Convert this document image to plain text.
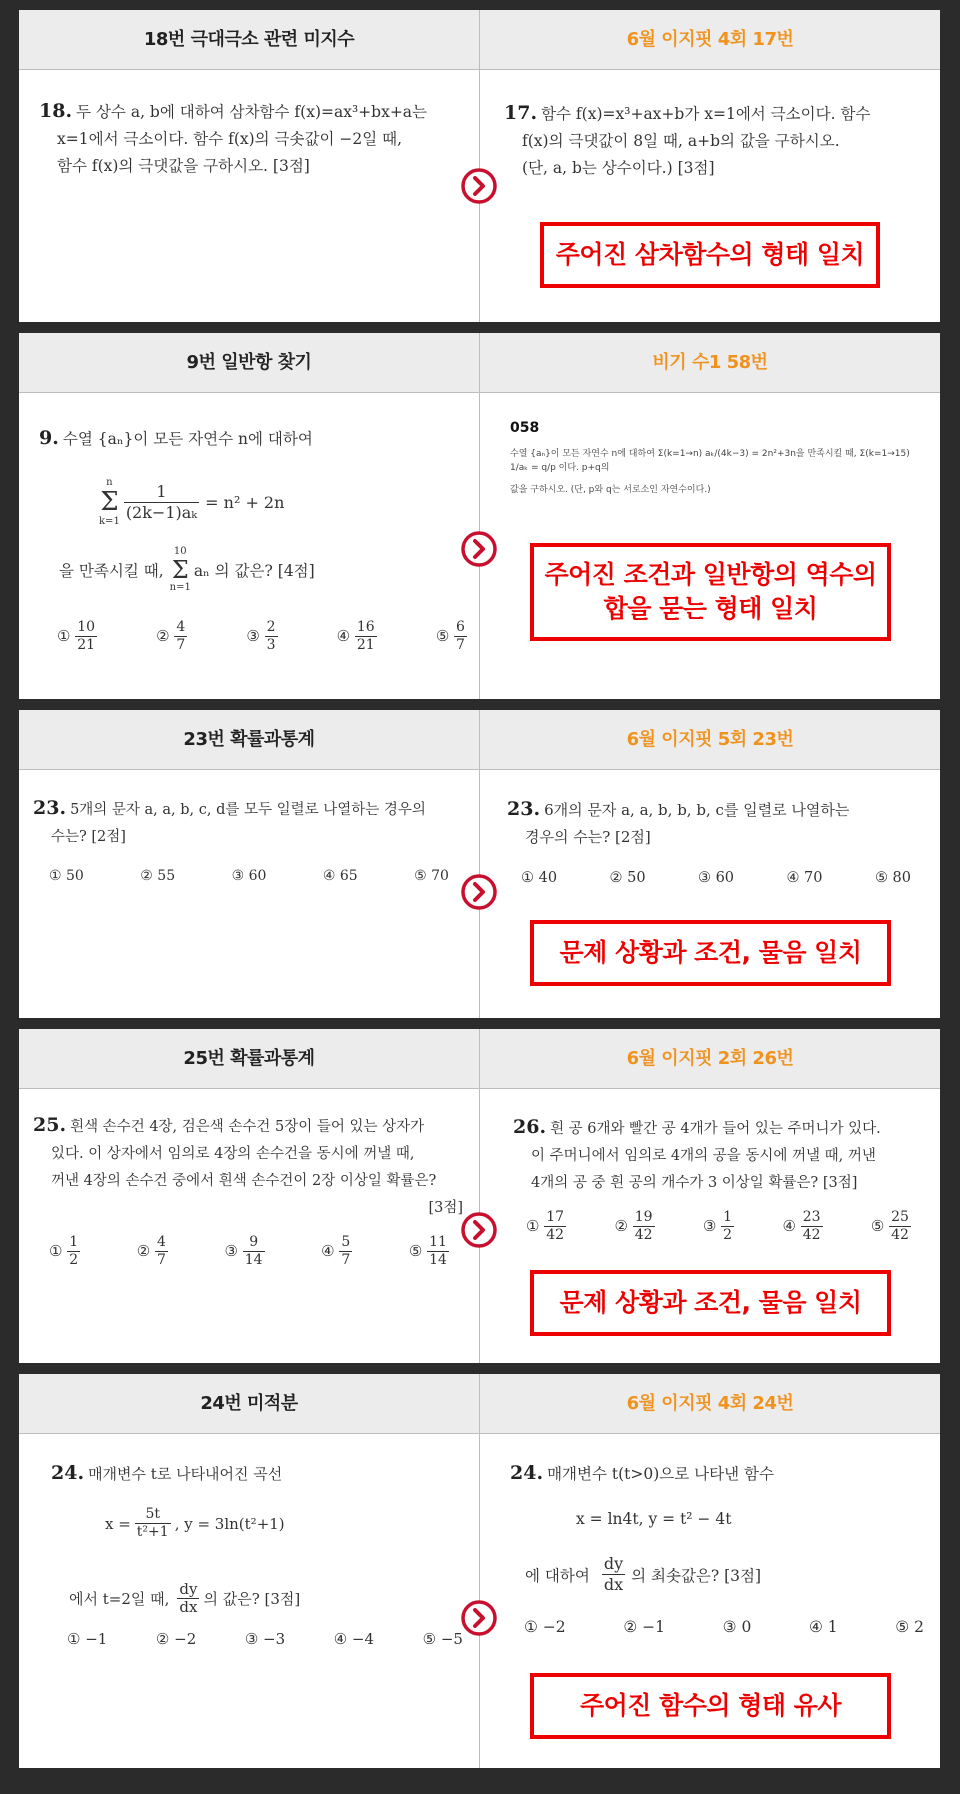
18번 극대극소 관련 미지수	6월 이지핏 4회 17번
18. 두 상수 a, b에 대하여 삼차함수 f(x)=ax³+bx+a는
x=1에서 극소이다. 함수 f(x)의 극솟값이 −2일 때,
함수 f(x)의 극댓값을 구하시오. [3점]
17. 함수 f(x)=x³+ax+b가 x=1에서 극소이다. 함수
f(x)의 극댓값이 8일 때, a+b의 값을 구하시오.
(단, a, b는 상수이다.) [3점]
주어진 삼차함수의 형태 일치
9번 일반항 찾기	비기 수1 58번
9. 수열 {aₙ}이 모든 자연수 n에 대하여
n
Σ
$k=1 \frac{1}{\text{(2k−1)aₖ}} = n^2 + 2n$
을 만족시킬 때,
10
Σ
n=1
aₙ 의 값은? [4점]
① $\frac{10}{21}$	② $\frac{4}{7}$	③ $\frac{2}{3}$	④ $\frac{16}{21}$	⑤ $\frac{6}{7}$
058
수열 {aₙ}이 모든 자연수 n에 대하여 Σ(k=1→n) aₖ/(4k−3) = 2n²+3n을 만족시킬 때, Σ(k=1→15) 1/aₖ = q/p 이다. p+q의
값을 구하시오. (단, p와 q는 서로소인 자연수이다.)
주어진 조건과 일반항의 역수의
합을 묻는 형태 일치
23번 확률과통계	6월 이지핏 5회 23번
23. 5개의 문자 a, a, b, c, d를 모두 일렬로 나열하는 경우의
수는? [2점]
① 50	② 55	③ 60	④ 65	⑤ 70
23. 6개의 문자 a, a, b, b, b, c를 일렬로 나열하는
경우의 수는? [2점]
① 40	② 50	③ 60	④ 70	⑤ 80
문제 상황과 조건, 물음 일치
25번 확률과통계	6월 이지핏 2회 26번
25. 흰색 손수건 4장, 검은색 손수건 5장이 들어 있는 상자가
있다. 이 상자에서 임의로 4장의 손수건을 동시에 꺼낼 때,
꺼낸 4장의 손수건 중에서 흰색 손수건이 2장 이상일 확률은?
[3점]
① $\frac{1}{2}$	② $\frac{4}{7}$	③ $\frac{9}{14}$	④ $\frac{5}{7}$	⑤ $\frac{11}{14}$
26. 흰 공 6개와 빨간 공 4개가 들어 있는 주머니가 있다.
이 주머니에서 임의로 4개의 공을 동시에 꺼낼 때, 꺼낸
4개의 공 중 흰 공의 개수가 3 이상일 확률은? [3점]
① $\frac{17}{42}$	② $\frac{19}{42}$	③ $\frac{1}{2}$	④ $\frac{23}{42}$	⑤ $\frac{25}{42}$
문제 상황과 조건, 물음 일치
24번 미적분	6월 이지핏 4회 24번
24. 매개변수 t로 나타내어진 곡선
$x = \frac{5t}{\text{t²+1}}$ , y = 3ln(t²+1)
에서 t=2일 때, $\frac{dy}{dx}$ 의 값은? [3점]
① −1	② −2	③ −3	④ −4	⑤ −5
24. 매개변수 t(t>0)으로 나타낸 함수
x = ln4t, y = t² − 4t
에 대하여 $\frac{dy}{dx}$ 의 최솟값은? [3점]
① −2	② −1	③ 0	④ 1	⑤ 2
주어진 함수의 형태 유사
